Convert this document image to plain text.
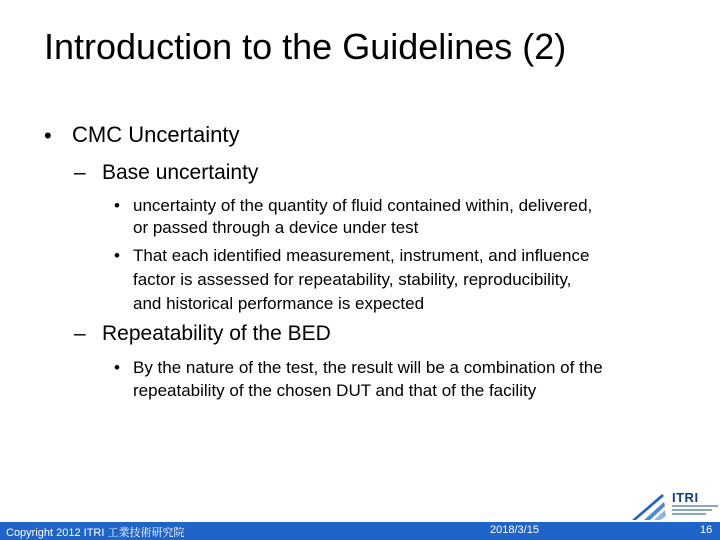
Introduction to the Guidelines (2)
• CMC Uncertainty
– Base uncertainty
• uncertainty of the quantity of fluid contained within, delivered,
or passed through a device under test
• That each identified measurement, instrument, and influence
factor is assessed for repeatability, stability, reproducibility,
and historical performance is expected
– Repeatability of the BED
• By the nature of the test, the result will be a combination of the
repeatability of the chosen DUT and that of the facility
ITRI
Copyright 2012 ITRI 工業技術研究院	2018/3/15	16
